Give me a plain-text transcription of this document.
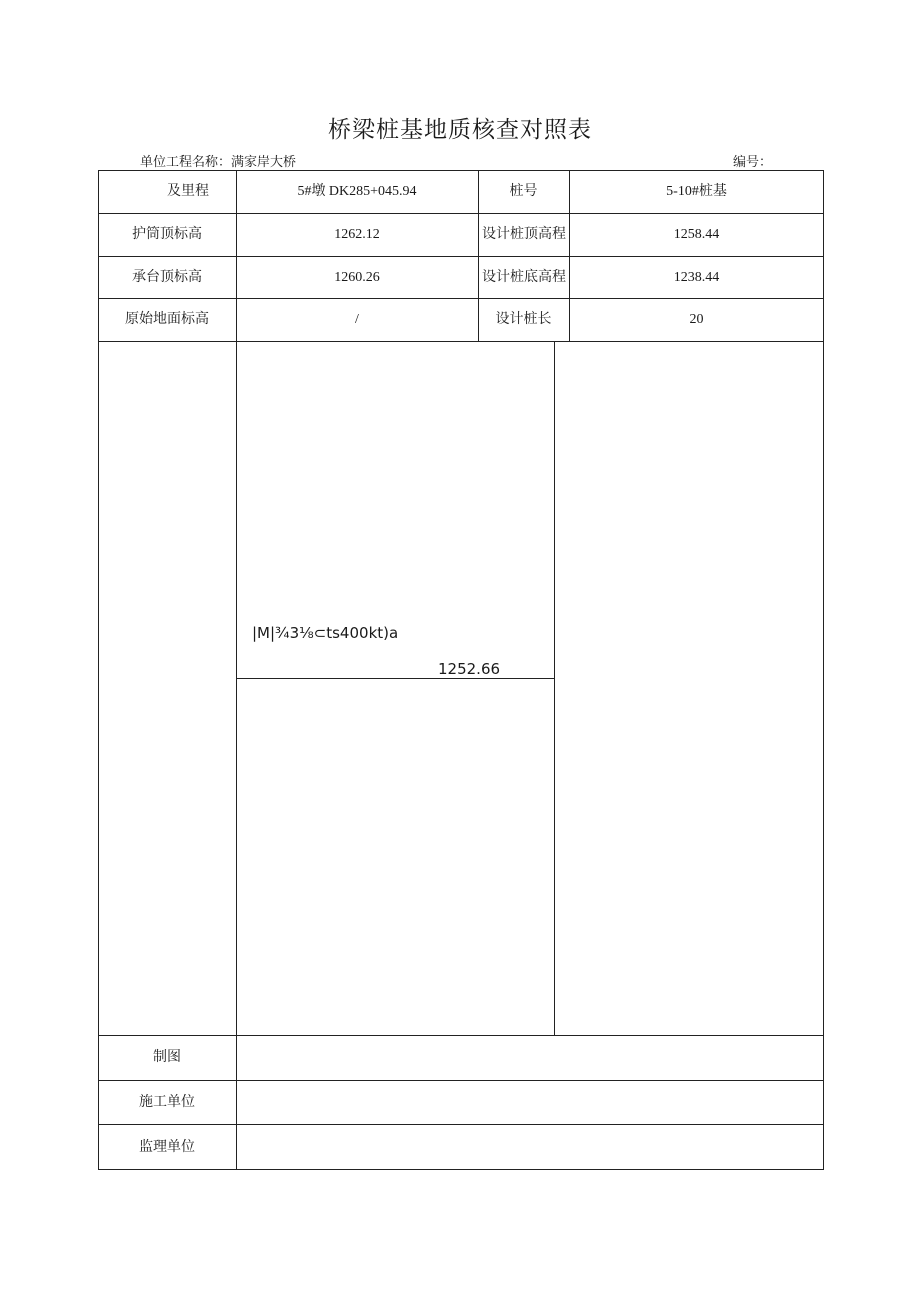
桥梁桩基地质核查对照表
单位工程名称：满家岸大桥	编号：
及里程	5#墩 DK285+045.94	桩号	5-10#桩基
护筒顶标高	1262.12	设计桩顶高程	1258.44
承台顶标高	1260.26	设计桩底高程	1238.44
原始地面标高	/	设计桩长	20
|M|¾3⅛⊂ts400kt)a
1252.66
制图
施工单位
监理单位
